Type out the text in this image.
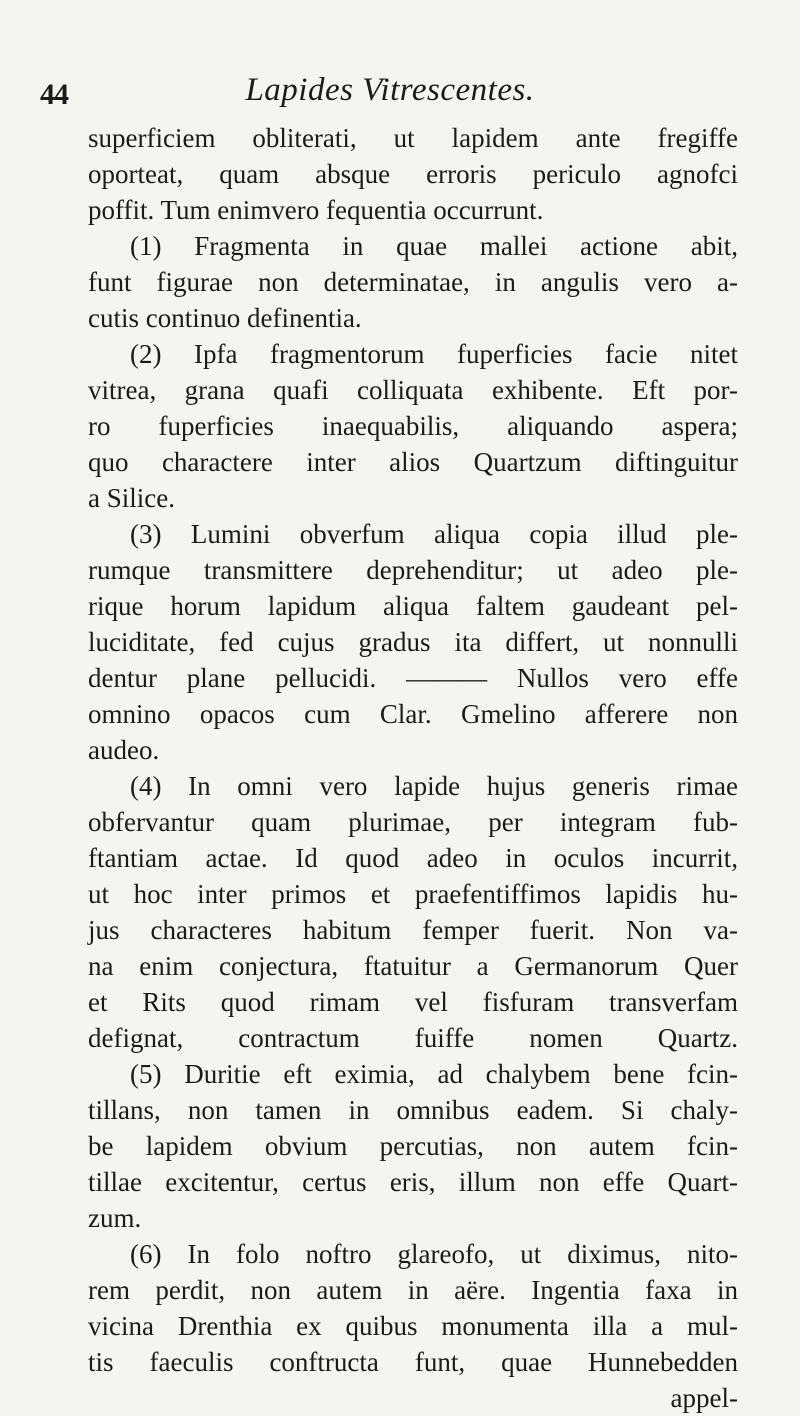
Lapides Vitrescentes.
44
superficiem obliterati, ut lapidem ante fregiffe
oporteat, quam absque erroris periculo agnofci
poffit. Tum enimvero fequentia occurrunt.
(1) Fragmenta in quae mallei actione abit,
funt figurae non determinatae, in angulis vero a-
cutis continuo definentia.
(2) Ipfa fragmentorum fuperficies facie nitet
vitrea, grana quafi colliquata exhibente. Eft por-
ro fuperficies inaequabilis, aliquando aspera;
quo charactere inter alios Quartzum diftinguitur
a Silice.
(3) Lumini obverfum aliqua copia illud ple-
rumque transmittere deprehenditur; ut adeo ple-
rique horum lapidum aliqua faltem gaudeant pel-
luciditate, fed cujus gradus ita differt, ut nonnulli
dentur plane pellucidi. ——— Nullos vero effe
omnino opacos cum Clar. Gmelino afferere non
audeo.
(4) In omni vero lapide hujus generis rimae
obfervantur quam plurimae, per integram fub-
ftantiam actae. Id quod adeo in oculos incurrit,
ut hoc inter primos et praefentiffimos lapidis hu-
jus characteres habitum femper fuerit. Non va-
na enim conjectura, ftatuitur a Germanorum Quer
et Rits quod rimam vel fisfuram transverfam
defignat, contractum fuiffe nomen Quartz.
(5) Duritie eft eximia, ad chalybem bene fcin-
tillans, non tamen in omnibus eadem. Si chaly-
be lapidem obvium percutias, non autem fcin-
tillae excitentur, certus eris, illum non effe Quart-
zum.
(6) In folo noftro glareofo, ut diximus, nito-
rem perdit, non autem in aëre. Ingentia faxa in
vicina Drenthia ex quibus monumenta illa a mul-
tis faeculis conftructa funt, quae Hunnebedden
appel-
